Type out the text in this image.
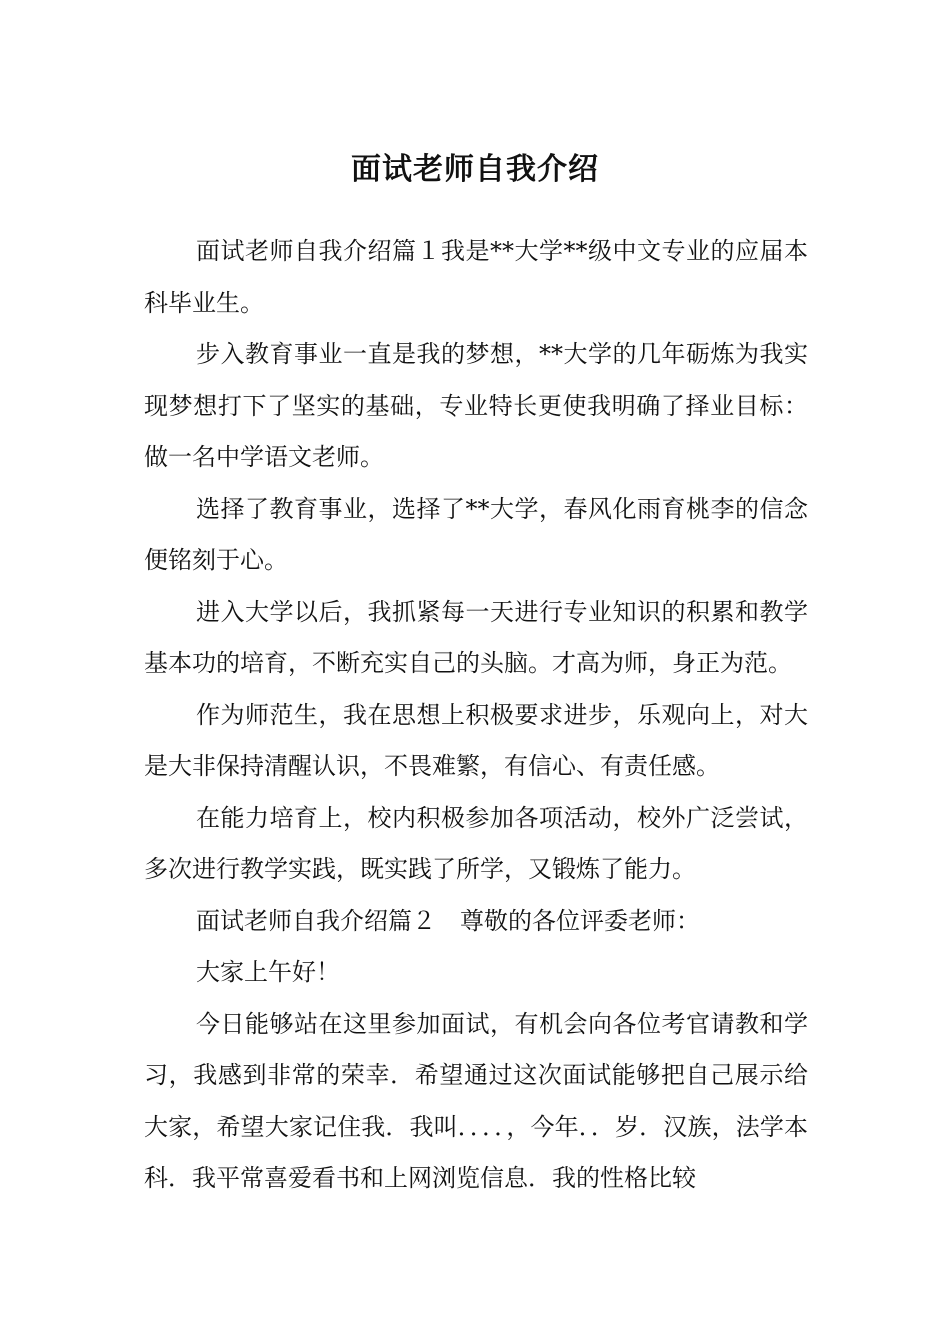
面试老师自我介绍

面试老师自我介绍篇１我是**大学**级中文专业的应届本科毕业生。

步入教育事业一直是我的梦想，**大学的几年砺炼为我实现梦想打下了坚实的基础，专业特长更使我明确了择业目标：做一名中学语文老师。

选择了教育事业，选择了**大学，春风化雨育桃李的信念便铭刻于心。

进入大学以后，我抓紧每一天进行专业知识的积累和教学基本功的培育，不断充实自己的头脑。才高为师，身正为范。

作为师范生，我在思想上积极要求进步，乐观向上，对大是大非保持清醒认识，不畏难繁，有信心、有责任感。

在能力培育上，校内积极参加各项活动，校外广泛尝试，多次进行教学实践，既实践了所学，又锻炼了能力。

面试老师自我介绍篇２　尊敬的各位评委老师：

大家上午好！

今日能够站在这里参加面试，有机会向各位考官请教和学习，我感到非常的荣幸．希望通过这次面试能够把自己展示给大家，希望大家记住我．我叫．．．．，今年．．岁．汉族，法学本科．我平常喜爱看书和上网浏览信息．我的性格比较
